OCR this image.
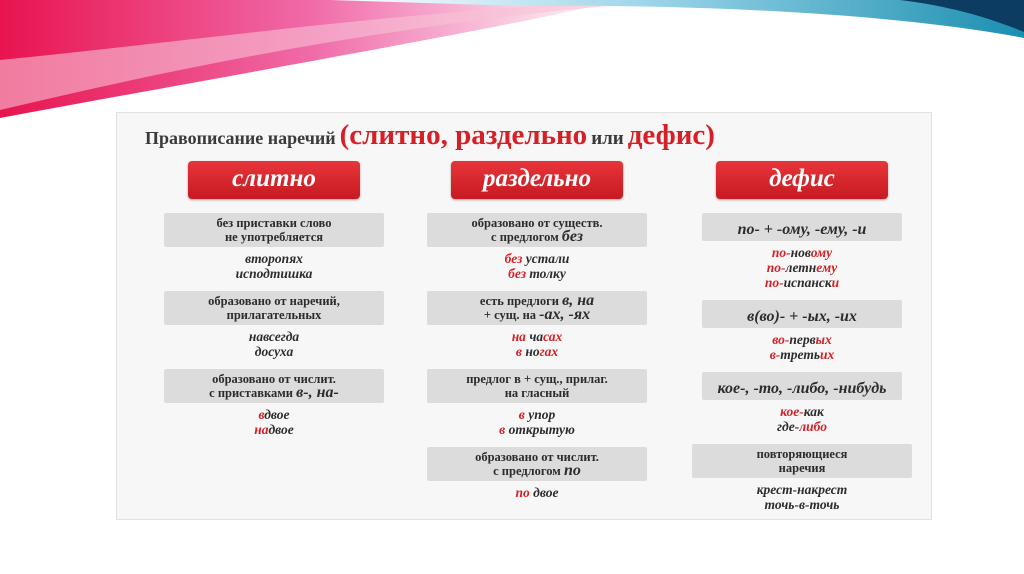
Правописание наречий (слитно, раздельно или дефис)
слитно
без приставки слово
не употребляется
второпях
исподтишка
образовано от наречий,
прилагательных
навсегда
досуха
образовано от числит.
с приставками в-, на-
вдвое
надвое
раздельно
образовано от существ.
с предлогом без
без устали
без толку
есть предлоги в, на
+ сущ. на -ах, -ях
на часах
в ногах
предлог в + сущ., прилаг.
на гласный
в упор
в открытую
образовано от числит.
с предлогом по
по двое
дефис
по- + -ому, -ему, -и
по-новому
по-летнему
по-испански
в(во)- + -ых, -их
во-первых
в-третьих
кое-, -то, -либо, -нибудь
кое-как
где-либо
повторяющиеся
наречия
крест-накрест
точь-в-точь
